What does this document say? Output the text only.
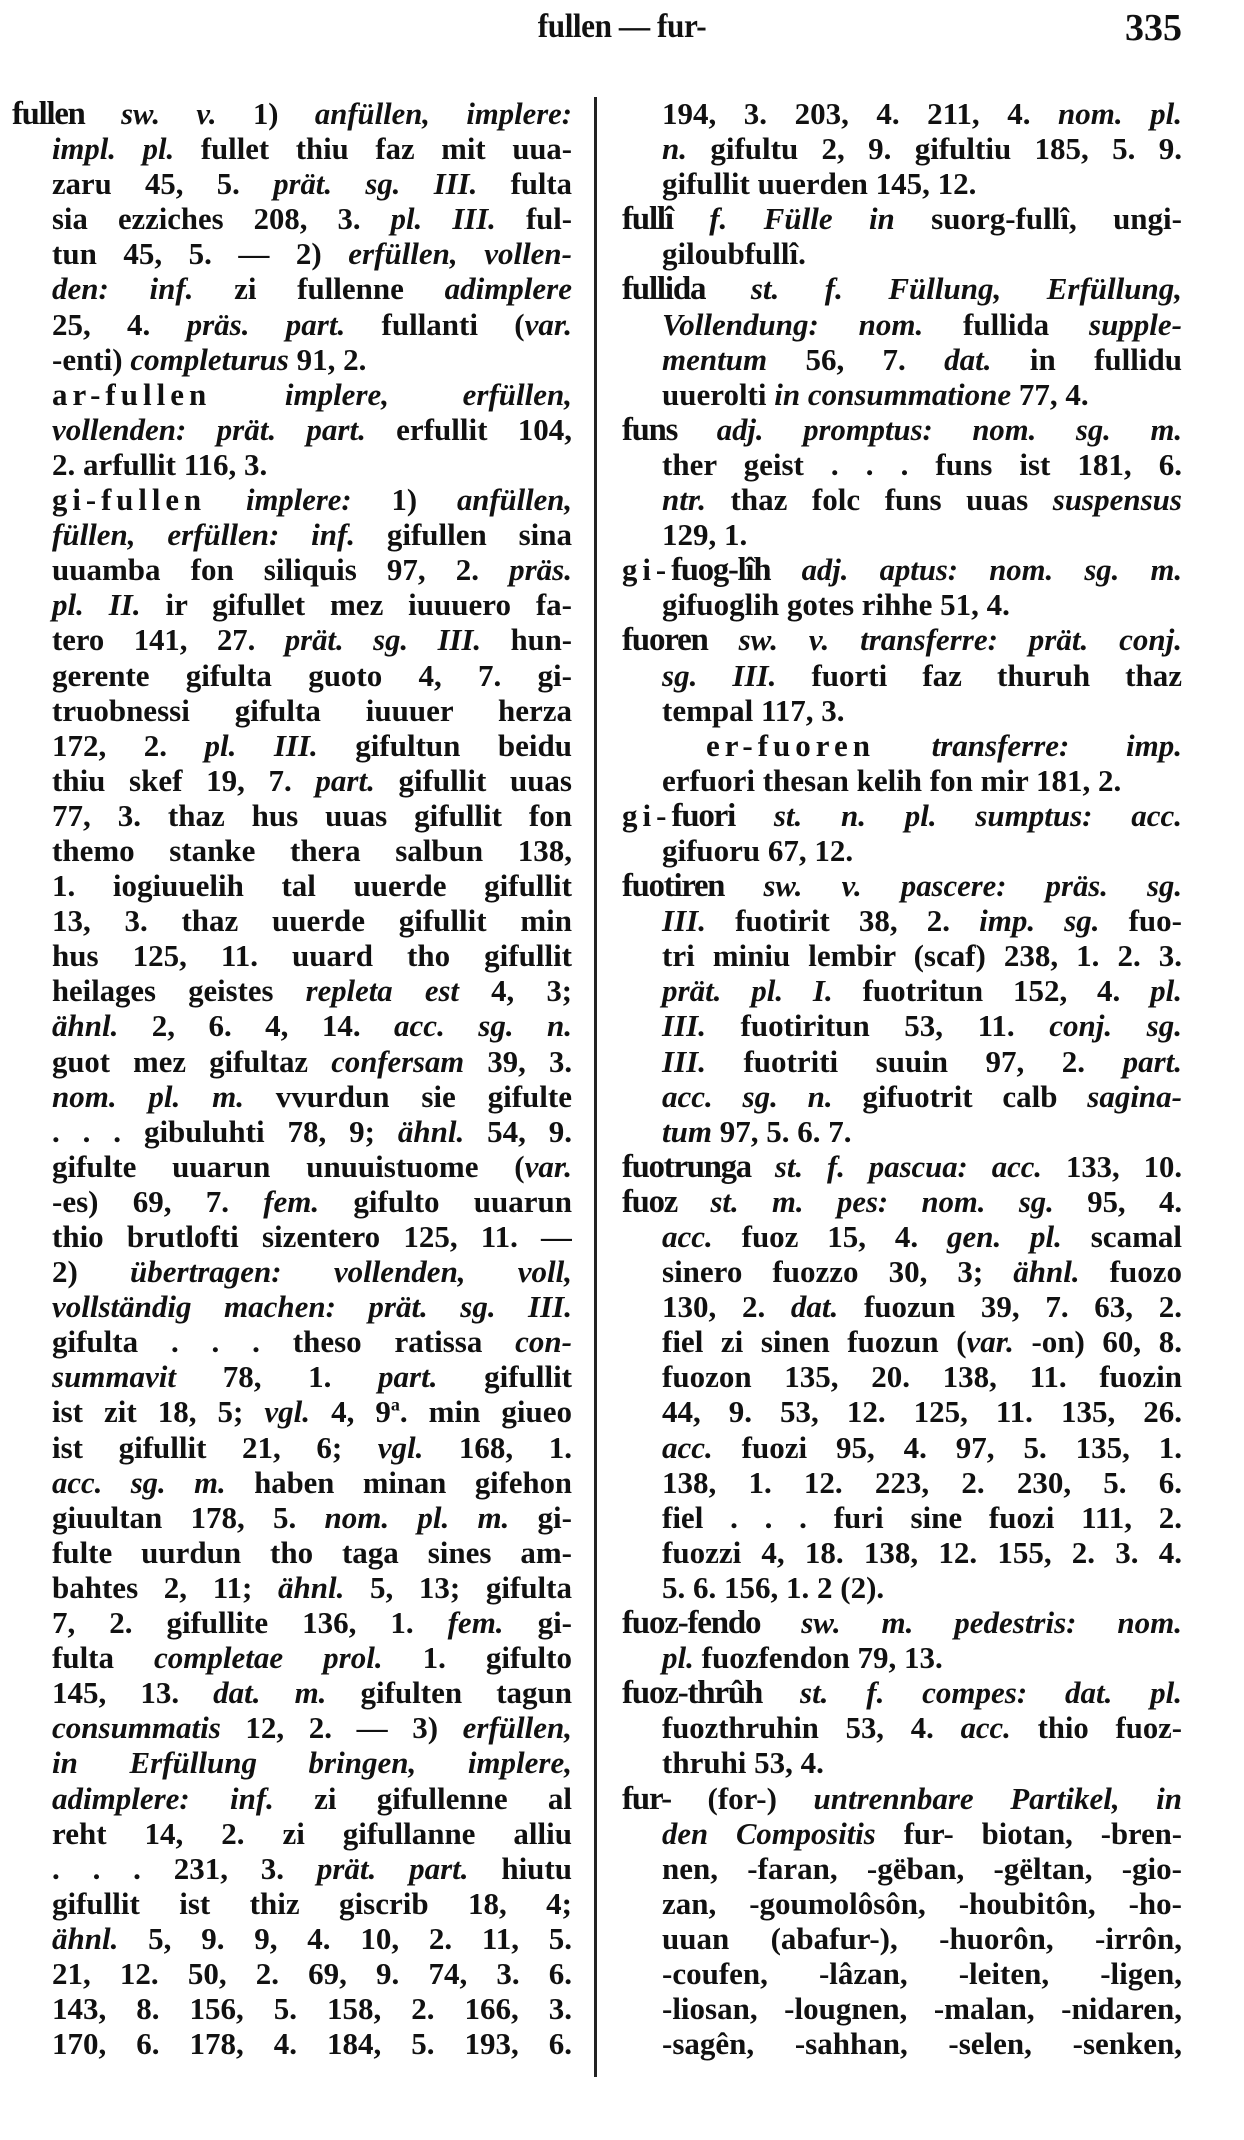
fullen — fur-	335
fullen sw. v. 1) anfüllen, implere:
impl. pl. fullet thiu faz mit uua-
zaru 45, 5. prät. sg. III. fulta
sia ezziches 208, 3. pl. III. ful-
tun 45, 5. — 2) erfüllen, vollen-
den: inf. zi fullenne adimplere
25, 4. präs. part. fullanti (var.
-enti) completurus 91, 2.
ar-fullen implere, erfüllen,
vollenden: prät. part. erfullit 104,
2. arfullit 116, 3.
gi-fullen implere: 1) anfüllen,
füllen, erfüllen: inf. gifullen sina
uuamba fon siliquis 97, 2. präs.
pl. II. ir gifullet mez iuuuero fa-
tero 141, 27. prät. sg. III. hun-
gerente gifulta guoto 4, 7. gi-
truobnessi gifulta iuuuer herza
172, 2. pl. III. gifultun beidu
thiu skef 19, 7. part. gifullit uuas
77, 3. thaz hus uuas gifullit fon
themo stanke thera salbun 138,
1. iogiuuelih tal uuerde gifullit
13, 3. thaz uuerde gifullit min
hus 125, 11. uuard tho gifullit
heilages geistes repleta est 4, 3;
ähnl. 2, 6. 4, 14. acc. sg. n.
guot mez gifultaz confersam 39, 3.
nom. pl. m. vvurdun sie gifulte
. . . gibuluhti 78, 9; ähnl. 54, 9.
gifulte uuarun unuuistuome (var.
-es) 69, 7. fem. gifulto uuarun
thio brutlofti sizentero 125, 11. —
2) übertragen: vollenden, voll,
vollständig machen: prät. sg. III.
gifulta . . . theso ratissa con-
summavit 78, 1. part. gifullit
ist zit 18, 5; vgl. 4, 9$^a$. min giueo
ist gifullit 21, 6; vgl. 168, 1.
acc. sg. m. haben minan gifehon
giuultan 178, 5. nom. pl. m. gi-
fulte uurdun tho taga sines am-
bahtes 2, 11; ähnl. 5, 13; gifulta
7, 2. gifullite 136, 1. fem. gi-
fulta completae prol. 1. gifulto
145, 13. dat. m. gifulten tagun
consummatis 12, 2. — 3) erfüllen,
in Erfüllung bringen, implere,
adimplere: inf. zi gifullenne al
reht 14, 2. zi gifullanne alliu
. . . 231, 3. prät. part. hiutu
gifullit ist thiz giscrib 18, 4;
ähnl. 5, 9. 9, 4. 10, 2. 11, 5.
21, 12. 50, 2. 69, 9. 74, 3. 6.
143, 8. 156, 5. 158, 2. 166, 3.
170, 6. 178, 4. 184, 5. 193, 6.
194, 3. 203, 4. 211, 4. nom. pl.
n. gifultu 2, 9. gifultiu 185, 5. 9.
gifullit uuerden 145, 12.
fullî f. Fülle in suorg-fullî, ungi-
giloubfullî.
fullida st. f. Füllung, Erfüllung,
Vollendung: nom. fullida supple-
mentum 56, 7. dat. in fullidu
uuerolti in consummatione 77, 4.
funs adj. promptus: nom. sg. m.
ther geist . . . funs ist 181, 6.
ntr. thaz folc funs uuas suspensus
129, 1.
gi-fuog-lîh adj. aptus: nom. sg. m.
gifuoglih gotes rihhe 51, 4.
fuoren sw. v. transferre: prät. conj.
sg. III. fuorti faz thuruh thaz
tempal 117, 3.
er-fuoren transferre: imp.
erfuori thesan kelih fon mir 181, 2.
gi-fuori st. n. pl. sumptus: acc.
gifuoru 67, 12.
fuotiren sw. v. pascere: präs. sg.
III. fuotirit 38, 2. imp. sg. fuo-
tri miniu lembir (scaf) 238, 1. 2. 3.
prät. pl. I. fuotritun 152, 4. pl.
III. fuotiritun 53, 11. conj. sg.
III. fuotriti suuin 97, 2. part.
acc. sg. n. gifuotrit calb sagina-
tum 97, 5. 6. 7.
fuotrunga st. f. pascua: acc. 133, 10.
fuoz st. m. pes: nom. sg. 95, 4.
acc. fuoz 15, 4. gen. pl. scamal
sinero fuozzo 30, 3; ähnl. fuozo
130, 2. dat. fuozun 39, 7. 63, 2.
fiel zi sinen fuozun (var. -on) 60, 8.
fuozon 135, 20. 138, 11. fuozin
44, 9. 53, 12. 125, 11. 135, 26.
acc. fuozi 95, 4. 97, 5. 135, 1.
138, 1. 12. 223, 2. 230, 5. 6.
fiel . . . furi sine fuozi 111, 2.
fuozzi 4, 18. 138, 12. 155, 2. 3. 4.
5. 6. 156, 1. 2 (2).
fuoz-fendo sw. m. pedestris: nom.
pl. fuozfendon 79, 13.
fuoz-thrûh st. f. compes: dat. pl.
fuozthruhin 53, 4. acc. thio fuoz-
thruhi 53, 4.
fur- (for-) untrennbare Partikel, in
den Compositis fur- biotan, -bren-
nen, -faran, -gëban, -gëltan, -gio-
zan, -goumolôsôn, -houbitôn, -ho-
uuan (abafur-), -huorôn, -irrôn,
-coufen, -lâzan, -leiten, -ligen,
-liosan, -lougnen, -malan, -nidaren,
-sagên, -sahhan, -selen, -senken,
